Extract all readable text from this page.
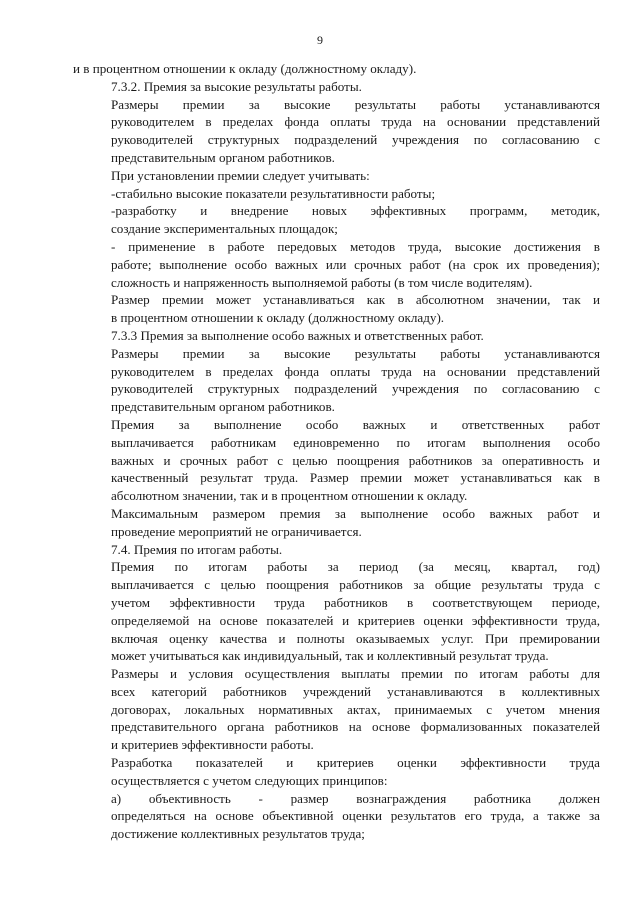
9

и в процентном отношении к окладу (должностному окладу).

7.3.2. Премия за высокие результаты работы.

Размеры премии за высокие результаты работы устанавливаются
руководителем в пределах фонда оплаты труда на основании представлений
руководителей структурных подразделений учреждения по согласованию с
представительным органом работников.

При установлении премии следует учитывать:

-стабильно высокие показатели результативности работы;

-разработку и внедрение новых эффективных программ, методик,
создание экспериментальных площадок;

- применение в работе передовых методов труда, высокие достижения в
работе; выполнение особо важных или срочных работ (на срок их проведения);
сложность и напряженность выполняемой работы (в том числе водителям).

Размер премии может устанавливаться как в абсолютном значении, так и
в процентном отношении к окладу (должностному окладу).

7.3.3 Премия за выполнение особо важных и ответственных работ.

Размеры премии за высокие результаты работы устанавливаются
руководителем в пределах фонда оплаты труда на основании представлений
руководителей структурных подразделений учреждения по согласованию с
представительным органом работников.

Премия за выполнение особо важных и ответственных работ
выплачивается работникам единовременно по итогам выполнения особо
важных и срочных работ с целью поощрения работников за оперативность и
качественный результат труда. Размер премии может устанавливаться как в
абсолютном значении, так и в процентном отношении к окладу.

Максимальным размером премия за выполнение особо важных работ и
проведение мероприятий не ограничивается.

7.4. Премия по итогам работы.

Премия по итогам работы за период (за месяц, квартал, год)
выплачивается с целью поощрения работников за общие результаты труда с
учетом эффективности труда работников в соответствующем периоде,
определяемой на основе показателей и критериев оценки эффективности труда,
включая оценку качества и полноты оказываемых услуг. При премировании
может учитываться как индивидуальный, так и коллективный результат труда.

Размеры и условия осуществления выплаты премии по итогам работы для
всех категорий работников учреждений устанавливаются в коллективных
договорах, локальных нормативных актах, принимаемых с учетом мнения
представительного органа работников на основе формализованных показателей
и критериев эффективности работы.

Разработка показателей и критериев оценки эффективности труда
осуществляется с учетом следующих принципов:

а) объективность - размер вознаграждения работника должен
определяться на основе объективной оценки результатов его труда, а также за
достижение коллективных результатов труда;
